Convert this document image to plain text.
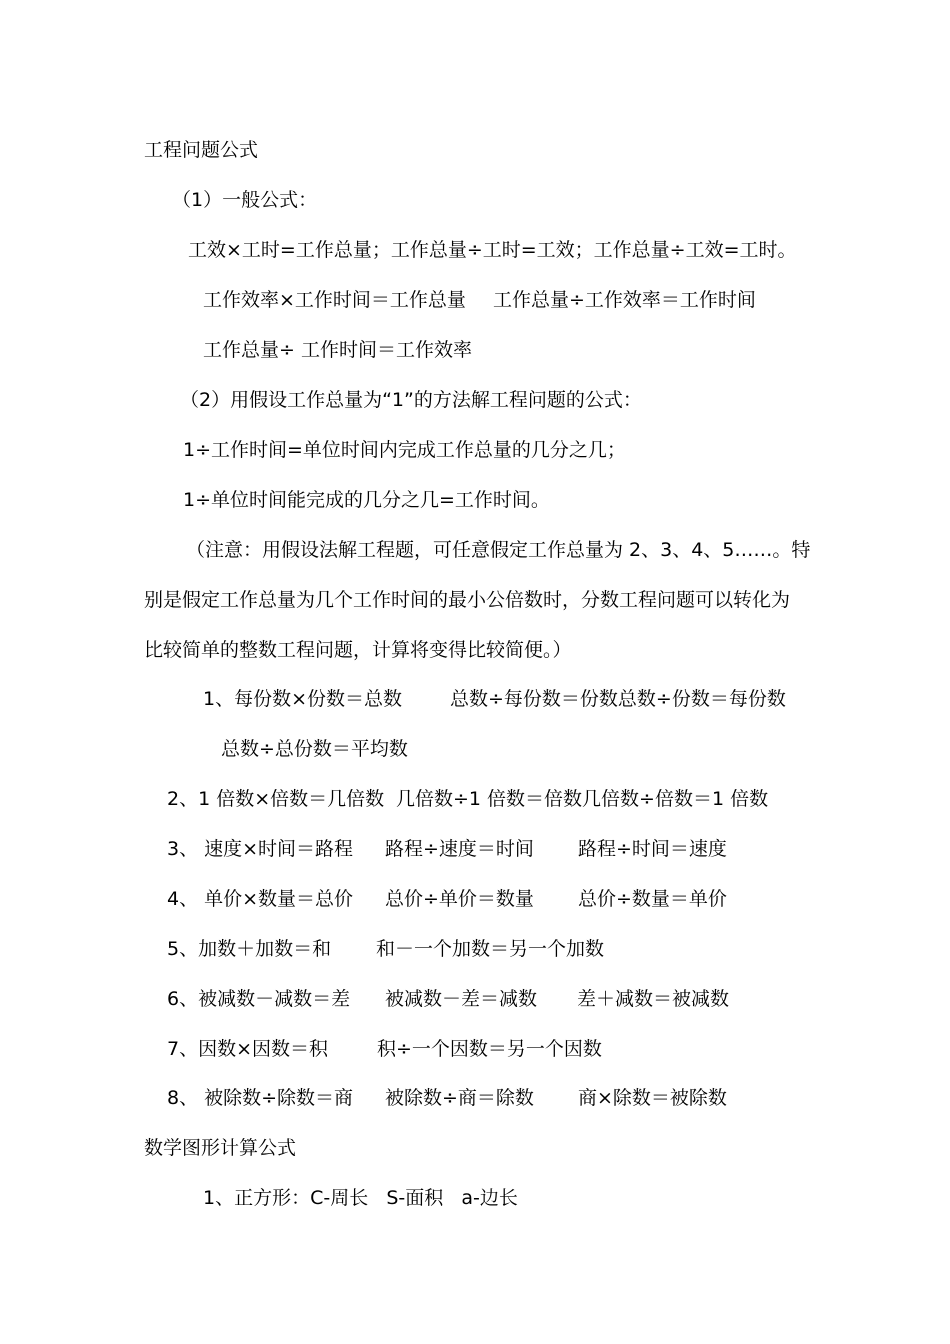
工程问题公式
（1）一般公式：
工效×工时=工作总量；工作总量÷工时=工效；工作总量÷工效=工时。
工作效率×工作时间＝工作总量 工作总量÷工作效率＝工作时间
工作总量÷ 工作时间＝工作效率
（2）用假设工作总量为“1”的方法解工程问题的公式：
1÷工作时间=单位时间内完成工作总量的几分之几；
1÷单位时间能完成的几分之几=工作时间。
（注意：用假设法解工程题，可任意假定工作总量为 2、3、4、5……。特
别是假定工作总量为几个工作时间的最小公倍数时，分数工程问题可以转化为
比较简单的整数工程问题，计算将变得比较简便。）
1、每份数×份数＝总数	总数÷每份数＝份数总数÷份数＝每份数
总数÷总份数＝平均数
2、1 倍数×倍数＝几倍数 几倍数÷1 倍数＝倍数几倍数÷倍数＝1 倍数
3、 速度×时间＝路程 路程÷速度＝时间 路程÷时间＝速度
4、 单价×数量＝总价 总价÷单价＝数量 总价÷数量＝单价
5、加数＋加数＝和 和－一个加数＝另一个加数
6、被减数－减数＝差 被减数－差＝减数 差＋减数＝被减数
7、因数×因数＝积	积÷一个因数＝另一个因数
8、 被除数÷除数＝商 被除数÷商＝除数 商×除数＝被除数
数学图形计算公式
1、正方形：C-周长   S-面积   a-边长
